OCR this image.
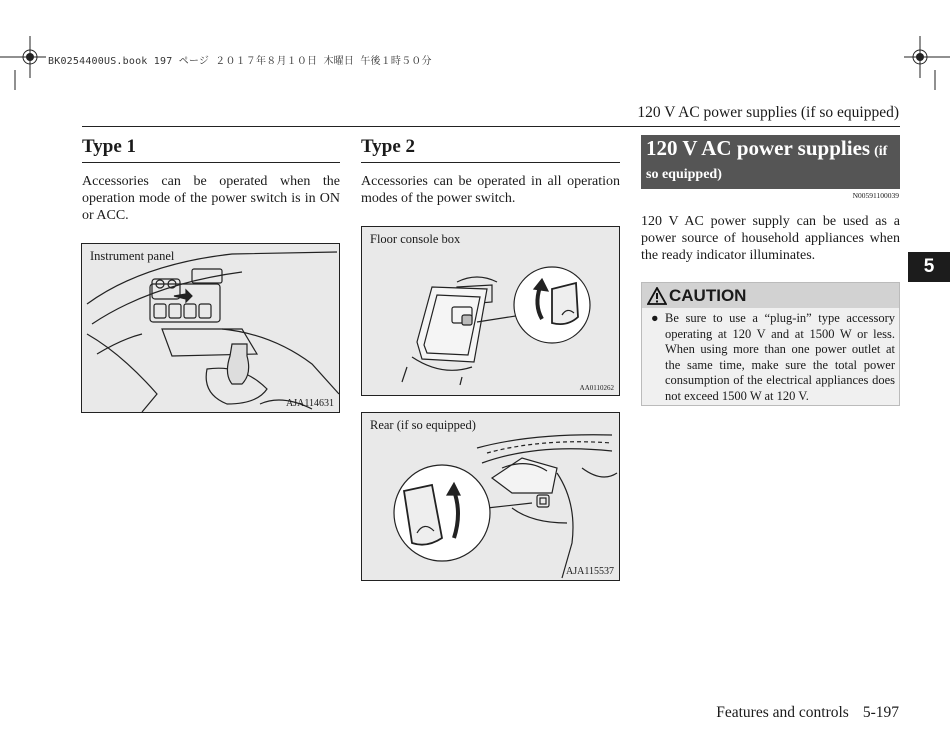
BK0254400US.book 197 ページ ２０１７年８月１０日 木曜日 午後１時５０分
120 V AC power supplies (if so equipped)
Type 1
Accessories can be operated when the operation mode of the power switch is in ON or ACC.
Instrument panel
AJA114631
Type 2
Accessories can be operated in all operation modes of the power switch.
Floor console box
AA0110262
Rear (if so equipped)
AJA115537
120 V AC power supplies (if
so equipped)
N00591100039
120 V AC power supply can be used as a power source of household appliances when the ready indicator illuminates.
5
CAUTION
● Be sure to use a “plug-in” type accessory operating at 120 V and at 1500 W or less. When using more than one power outlet at the same time, make sure the total power consumption of the electrical appliances does not exceed 1500 W at 120 V.
Features and controls 5-197
